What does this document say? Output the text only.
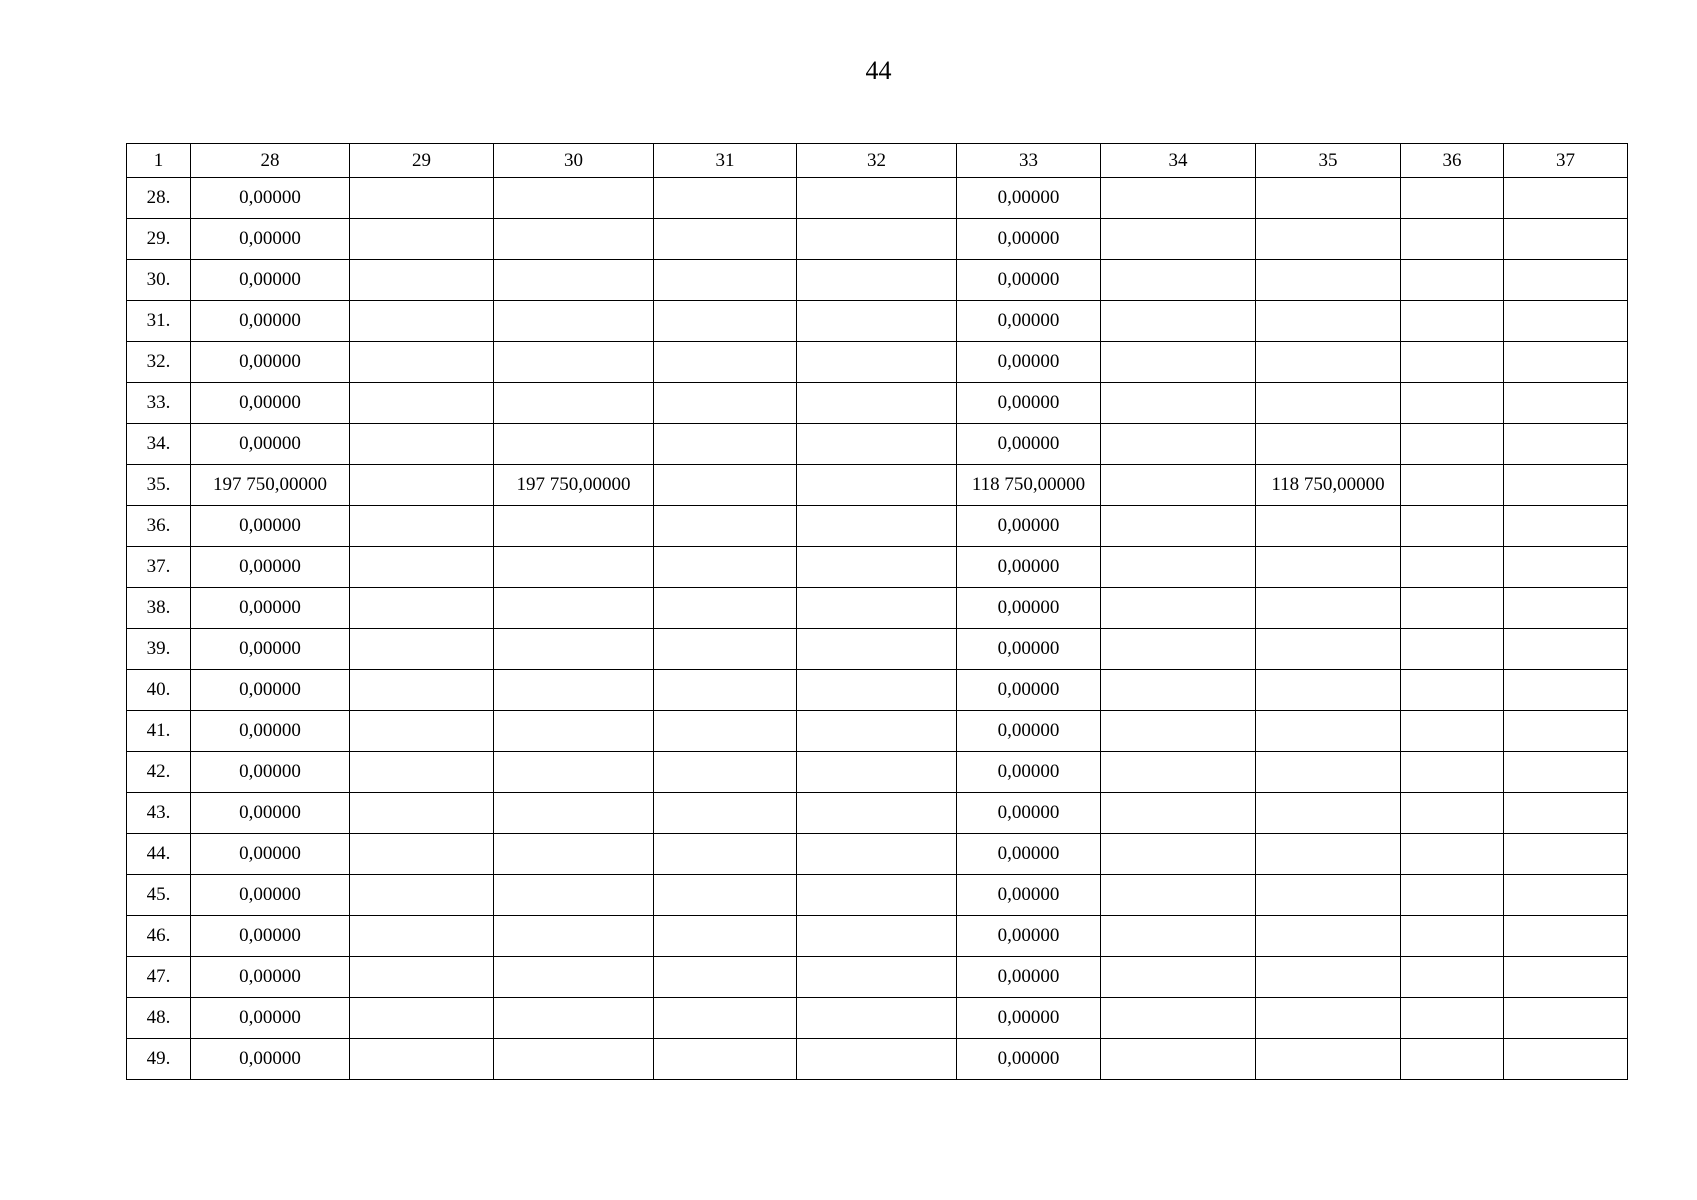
44
1	28	29	30	31	32	33	34	35	36	37
28.	0,00000					0,00000				
29.	0,00000					0,00000				
30.	0,00000					0,00000				
31.	0,00000					0,00000				
32.	0,00000					0,00000				
33.	0,00000					0,00000				
34.	0,00000					0,00000				
35.	197 750,00000		197 750,00000			118 750,00000		118 750,00000		
36.	0,00000					0,00000				
37.	0,00000					0,00000				
38.	0,00000					0,00000				
39.	0,00000					0,00000				
40.	0,00000					0,00000				
41.	0,00000					0,00000				
42.	0,00000					0,00000				
43.	0,00000					0,00000				
44.	0,00000					0,00000				
45.	0,00000					0,00000				
46.	0,00000					0,00000				
47.	0,00000					0,00000				
48.	0,00000					0,00000				
49.	0,00000					0,00000				
